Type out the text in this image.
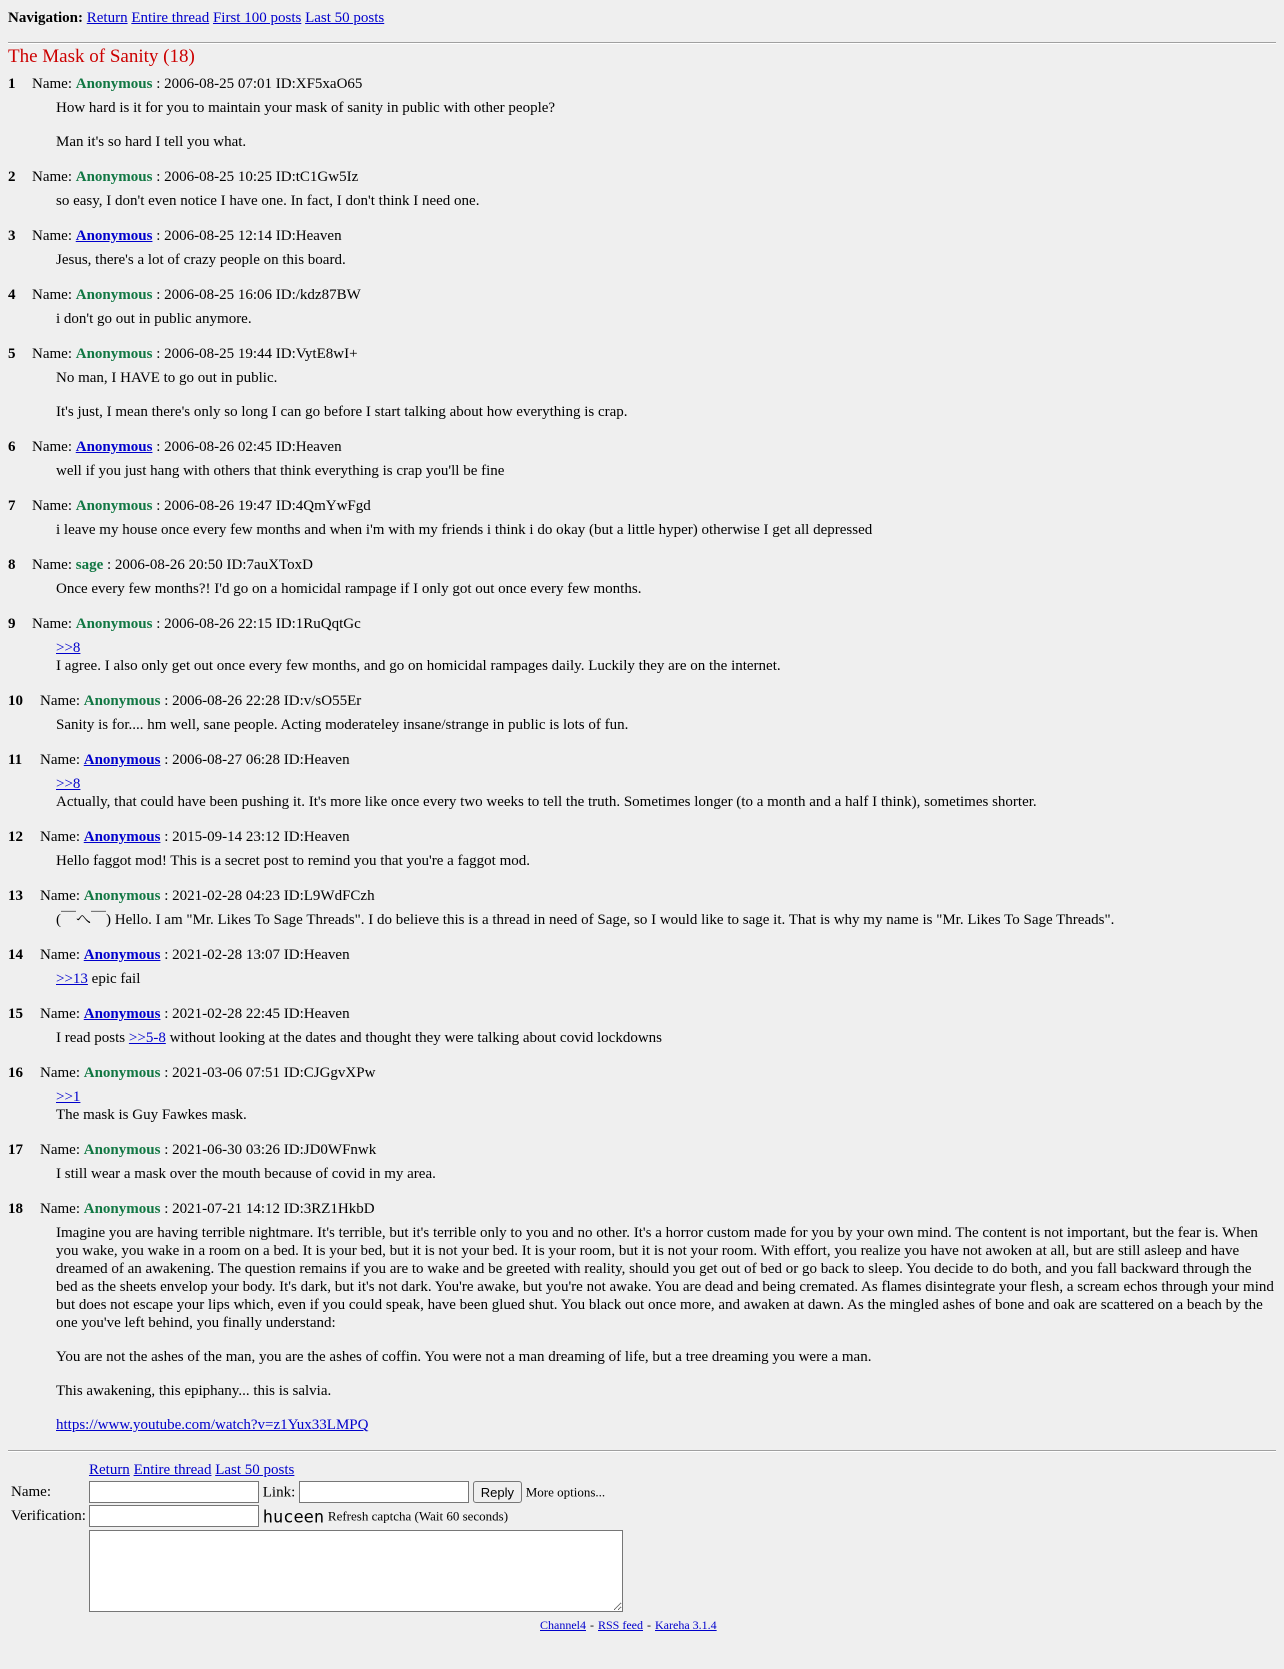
Navigation: Return Entire thread First 100 posts Last 50 posts
The Mask of Sanity (18)
1 Name: Anonymous : 2006-08-25 07:01 ID:XF5xaO65

How hard is it for you to maintain your mask of sanity in public with other people?

Man it's so hard I tell you what.

2 Name: Anonymous : 2006-08-25 10:25 ID:tC1Gw5Iz

so easy, I don't even notice I have one. In fact, I don't think I need one.

3 Name: Anonymous : 2006-08-25 12:14 ID:Heaven

Jesus, there's a lot of crazy people on this board.

4 Name: Anonymous : 2006-08-25 16:06 ID:/kdz87BW

i don't go out in public anymore.

5 Name: Anonymous : 2006-08-25 19:44 ID:VytE8wI+

No man, I HAVE to go out in public.

It's just, I mean there's only so long I can go before I start talking about how everything is crap.

6 Name: Anonymous : 2006-08-26 02:45 ID:Heaven

well if you just hang with others that think everything is crap you'll be fine

7 Name: Anonymous : 2006-08-26 19:47 ID:4QmYwFgd

i leave my house once every few months and when i'm with my friends i think i do okay (but a little hyper) otherwise I get all depressed

8 Name: sage : 2006-08-26 20:50 ID:7auXToxD

Once every few months?! I'd go on a homicidal rampage if I only got out once every few months.

9 Name: Anonymous : 2006-08-26 22:15 ID:1RuQqtGc
>>8

I agree. I also only get out once every few months, and go on homicidal rampages daily. Luckily they are on the internet.

10 Name: Anonymous : 2006-08-26 22:28 ID:v/sO55Er

Sanity is for.... hm well, sane people. Acting moderateley insane/strange in public is lots of fun.

11 Name: Anonymous : 2006-08-27 06:28 ID:Heaven
>>8

Actually, that could have been pushing it. It's more like once every two weeks to tell the truth. Sometimes longer (to a month and a half I think), sometimes shorter.

12 Name: Anonymous : 2015-09-14 23:12 ID:Heaven

Hello faggot mod! This is a secret post to remind you that you're a faggot mod.

13 Name: Anonymous : 2021-02-28 04:23 ID:L9WdFCzh

(￣へ￣) Hello. I am "Mr. Likes To Sage Threads". I do believe this is a thread in need of Sage, so I would like to sage it. That is why my name is "Mr. Likes To Sage Threads".

14 Name: Anonymous : 2021-02-28 13:07 ID:Heaven

>>13 epic fail

15 Name: Anonymous : 2021-02-28 22:45 ID:Heaven

I read posts >>5-8 without looking at the dates and thought they were talking about covid lockdowns

16 Name: Anonymous : 2021-03-06 07:51 ID:CJGgvXPw
>>1

The mask is Guy Fawkes mask.

17 Name: Anonymous : 2021-06-30 03:26 ID:JD0WFnwk

I still wear a mask over the mouth because of covid in my area.

18 Name: Anonymous : 2021-07-21 14:12 ID:3RZ1HkbD

Imagine you are having terrible nightmare. It's terrible, but it's terrible only to you and no other. It's a horror custom made for you by your own mind. The content is not important, but the fear is. When you wake, you wake in a room on a bed. It is your bed, but it is not your bed. It is your room, but it is not your room. With effort, you realize you have not awoken at all, but are still asleep and have dreamed of an awakening. The question remains if you are to wake and be greeted with reality, should you get out of bed or go back to sleep. You decide to do both, and you fall backward through the bed as the sheets envelop your body. It's dark, but it's not dark. You're awake, but you're not awake. You are dead and being cremated. As flames disintegrate your flesh, a scream echos through your mind but does not escape your lips which, even if you could speak, have been glued shut. You black out once more, and awaken at dawn. As the mingled ashes of bone and oak are scattered on a beach by the one you've left behind, you finally understand:

You are not the ashes of the man, you are the ashes of coffin. You were not a man dreaming of life, but a tree dreaming you were a man.

This awakening, this epiphany... this is salvia.

https://www.youtube.com/watch?v=z1Yux33LMPQ

	Return Entire thread Last 50 posts
Name:	Link: Reply More options...
Verification:	huceen Refresh captcha (Wait 60 seconds)

Channel4 - RSS feed - Kareha 3.1.4
